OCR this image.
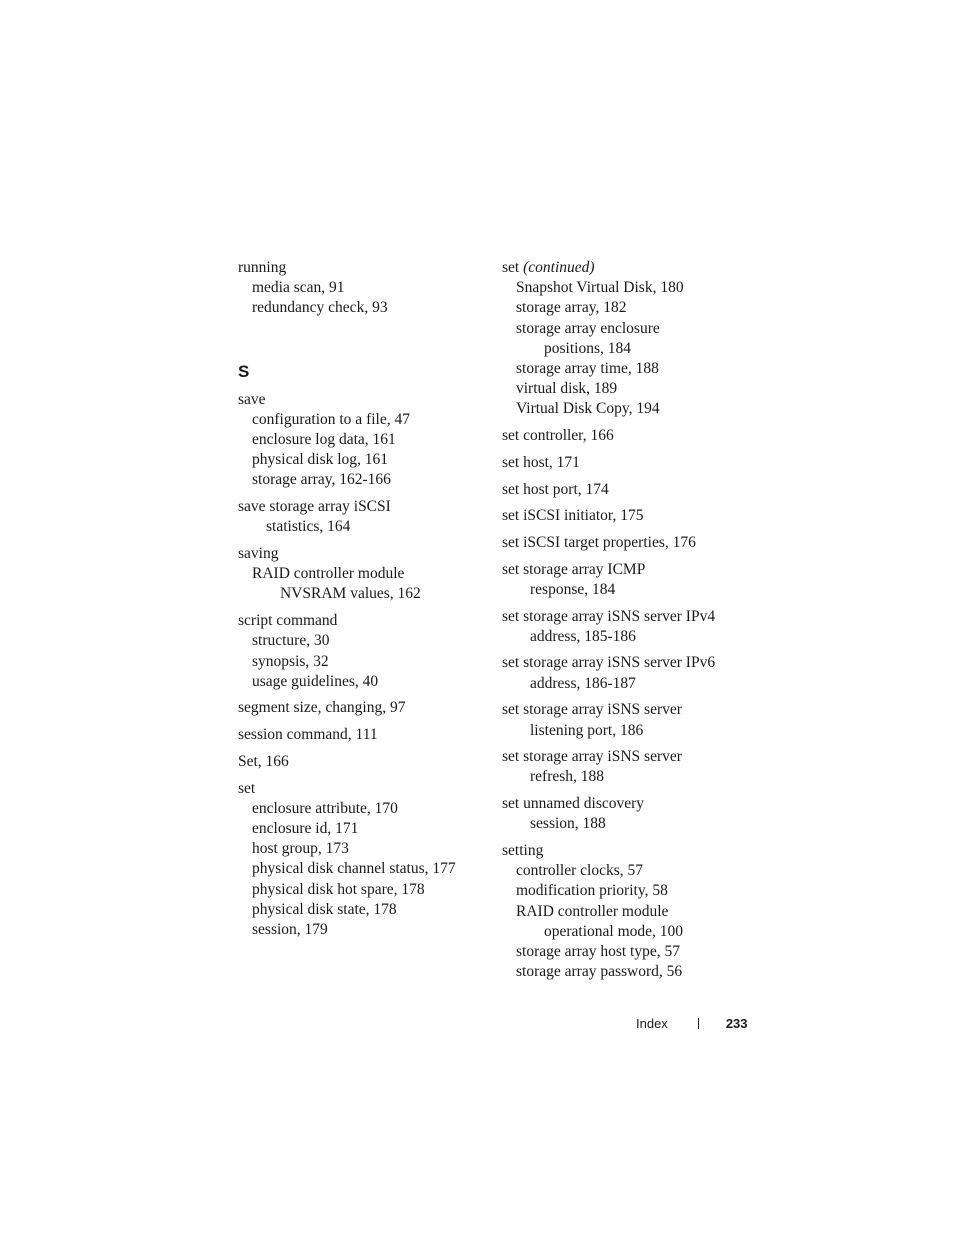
running
media scan, 91
redundancy check, 93
S
save
configuration to a file, 47
enclosure log data, 161
physical disk log, 161
storage array, 162-166
save storage array iSCSI
statistics, 164
saving
RAID controller module
NVSRAM values, 162
script command
structure, 30
synopsis, 32
usage guidelines, 40
segment size, changing, 97
session command, 111
Set, 166
set
enclosure attribute, 170
enclosure id, 171
host group, 173
physical disk channel status, 177
physical disk hot spare, 178
physical disk state, 178
session, 179
set (continued)
Snapshot Virtual Disk, 180
storage array, 182
storage array enclosure
positions, 184
storage array time, 188
virtual disk, 189
Virtual Disk Copy, 194
set controller, 166
set host, 171
set host port, 174
set iSCSI initiator, 175
set iSCSI target properties, 176
set storage array ICMP
response, 184
set storage array iSNS server IPv4
address, 185-186
set storage array iSNS server IPv6
address, 186-187
set storage array iSNS server
listening port, 186
set storage array iSNS server
refresh, 188
set unnamed discovery
session, 188
setting
controller clocks, 57
modification priority, 58
RAID controller module
operational mode, 100
storage array host type, 57
storage array password, 56
Index	233
